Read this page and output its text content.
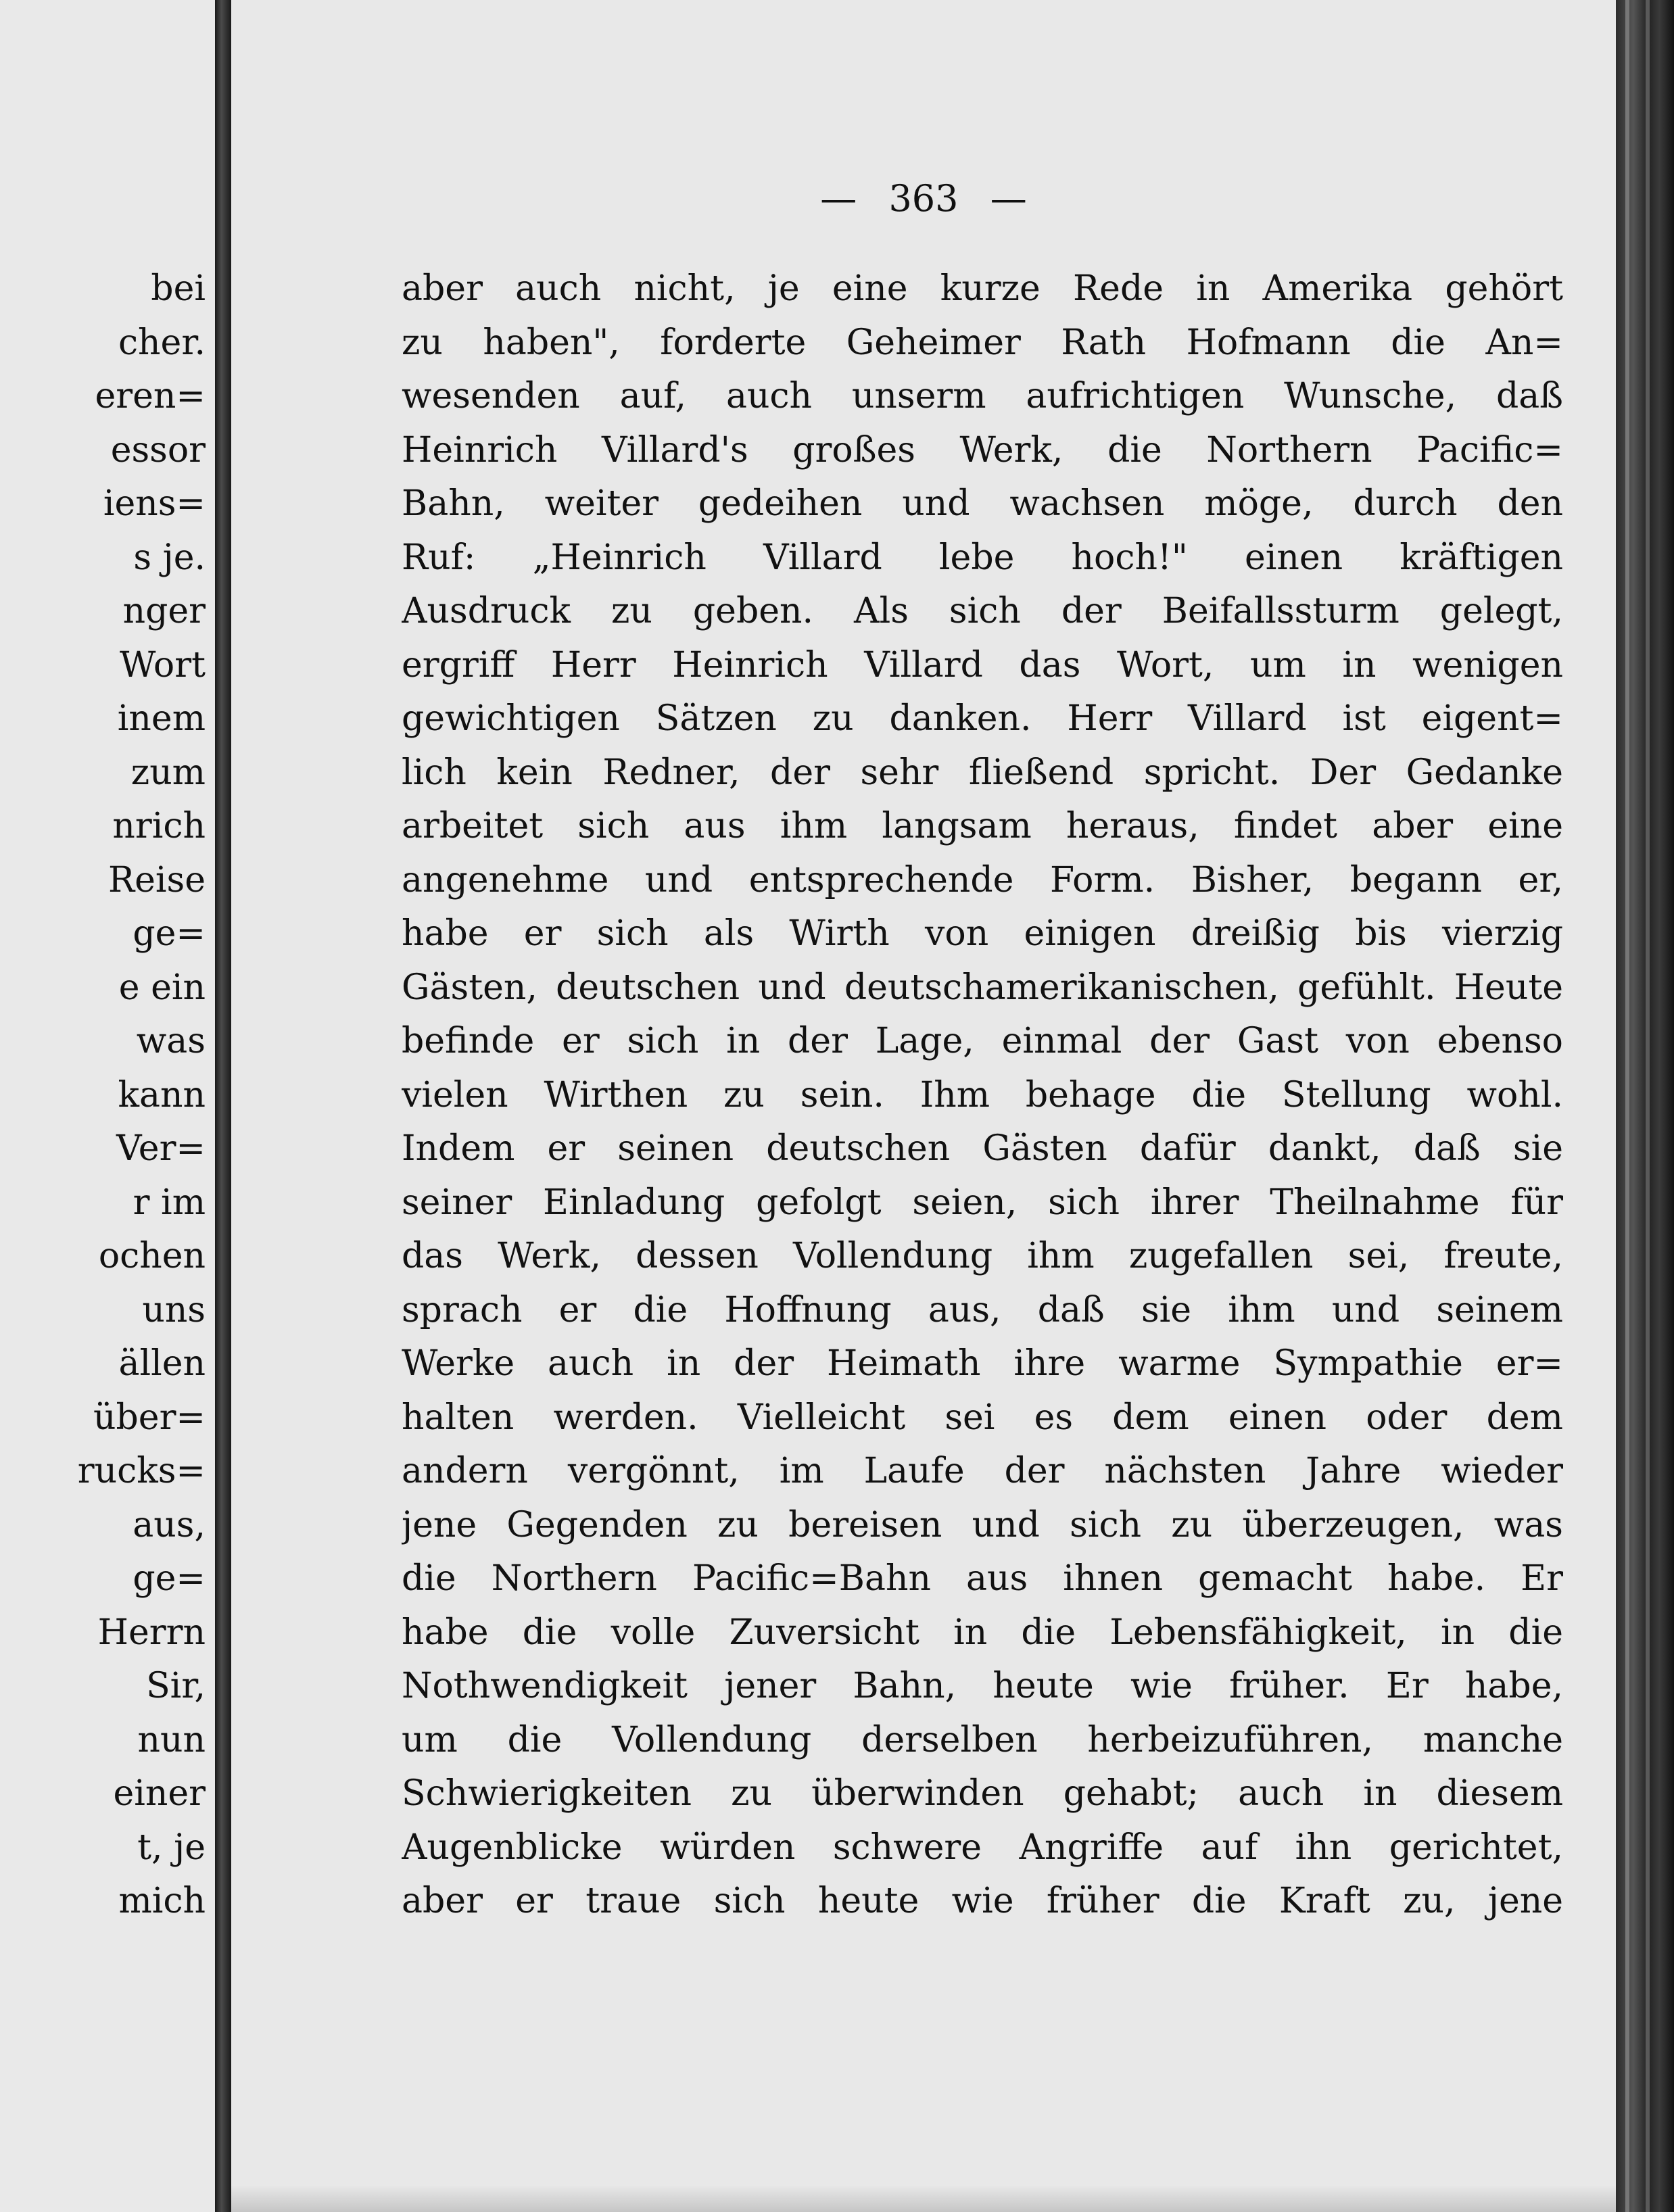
bei
cher.
eren=
essor
iens=
s je.
nger
Wort
inem
zum
nrich
Reise
ge=
e ein
was
kann
Ver=
r im
ochen
uns
ällen
über=
rucks=
aus,
ge=
Herrn
Sir,
nun
einer
t, je
mich
— 363 —
aber auch nicht, je eine kurze Rede in Amerika gehört
zu haben", forderte Geheimer Rath Hofmann die An=
wesenden auf, auch unserm aufrichtigen Wunsche, daß
Heinrich Villard's großes Werk, die Northern Pacific=
Bahn, weiter gedeihen und wachsen möge, durch den
Ruf: „Heinrich Villard lebe hoch!" einen kräftigen
Ausdruck zu geben. Als sich der Beifallssturm gelegt,
ergriff Herr Heinrich Villard das Wort, um in wenigen
gewichtigen Sätzen zu danken. Herr Villard ist eigent=
lich kein Redner, der sehr fließend spricht. Der Gedanke
arbeitet sich aus ihm langsam heraus, findet aber eine
angenehme und entsprechende Form. Bisher, begann er,
habe er sich als Wirth von einigen dreißig bis vierzig
Gästen, deutschen und deutschamerikanischen, gefühlt. Heute
befinde er sich in der Lage, einmal der Gast von ebenso
vielen Wirthen zu sein. Ihm behage die Stellung wohl.
Indem er seinen deutschen Gästen dafür dankt, daß sie
seiner Einladung gefolgt seien, sich ihrer Theilnahme für
das Werk, dessen Vollendung ihm zugefallen sei, freute,
sprach er die Hoffnung aus, daß sie ihm und seinem
Werke auch in der Heimath ihre warme Sympathie er=
halten werden. Vielleicht sei es dem einen oder dem
andern vergönnt, im Laufe der nächsten Jahre wieder
jene Gegenden zu bereisen und sich zu überzeugen, was
die Northern Pacific=Bahn aus ihnen gemacht habe. Er
habe die volle Zuversicht in die Lebensfähigkeit, in die
Nothwendigkeit jener Bahn, heute wie früher. Er habe,
um die Vollendung derselben herbeizuführen, manche
Schwierigkeiten zu überwinden gehabt; auch in diesem
Augenblicke würden schwere Angriffe auf ihn gerichtet,
aber er traue sich heute wie früher die Kraft zu, jene
